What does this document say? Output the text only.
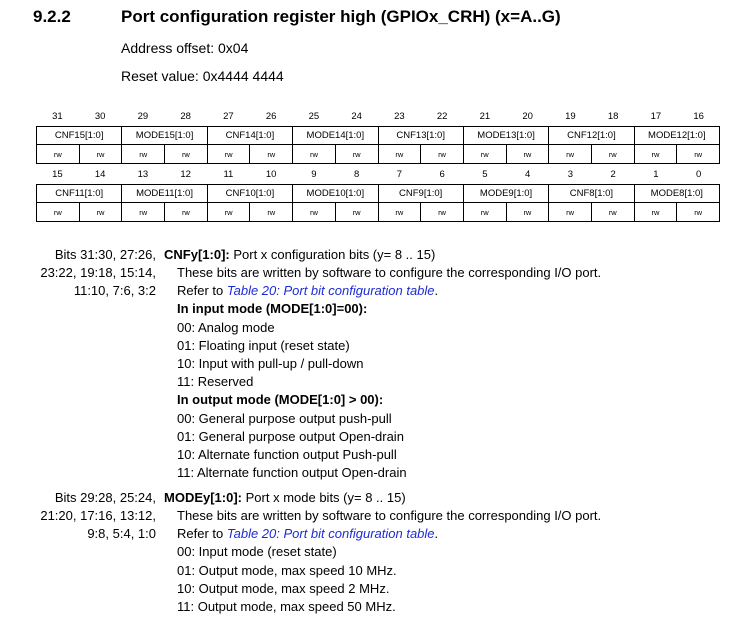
9.2.2	Port configuration register high (GPIOx_CRH) (x=A..G)
Address offset: 0x04
Reset value: 0x4444 4444
31	30	29	28	27	26	25	24	23	22	21	20	19	18	17	16
CNF15[1:0]		MODE15[1:0]		CNF14[1:0]		MODE14[1:0]		CNF13[1:0]		MODE13[1:0]		CNF12[1:0]		MODE12[1:0]	
rw	rw	rw	rw	rw	rw	rw	rw	rw	rw	rw	rw	rw	rw	rw	rw
15	14	13	12	11	10	9	8	7	6	5	4	3	2	1	0
CNF11[1:0]		MODE11[1:0]		CNF10[1:0]		MODE10[1:0]		CNF9[1:0]		MODE9[1:0]		CNF8[1:0]		MODE8[1:0]	
rw	rw	rw	rw	rw	rw	rw	rw	rw	rw	rw	rw	rw	rw	rw	rw
Bits 31:30, 27:26,
23:22, 19:18, 15:14,
11:10, 7:6, 3:2
CNFy[1:0]: Port x configuration bits (y= 8 .. 15)
These bits are written by software to configure the corresponding I/O port.
Refer to Table 20: Port bit configuration table.
In input mode (MODE[1:0]=00):
00: Analog mode
01: Floating input (reset state)
10: Input with pull-up / pull-down
11: Reserved
In output mode (MODE[1:0] > 00):
00: General purpose output push-pull
01: General purpose output Open-drain
10: Alternate function output Push-pull
11: Alternate function output Open-drain
Bits 29:28, 25:24,
21:20, 17:16, 13:12,
9:8, 5:4, 1:0
MODEy[1:0]: Port x mode bits (y= 8 .. 15)
These bits are written by software to configure the corresponding I/O port.
Refer to Table 20: Port bit configuration table.
00: Input mode (reset state)
01: Output mode, max speed 10 MHz.
10: Output mode, max speed 2 MHz.
11: Output mode, max speed 50 MHz.
